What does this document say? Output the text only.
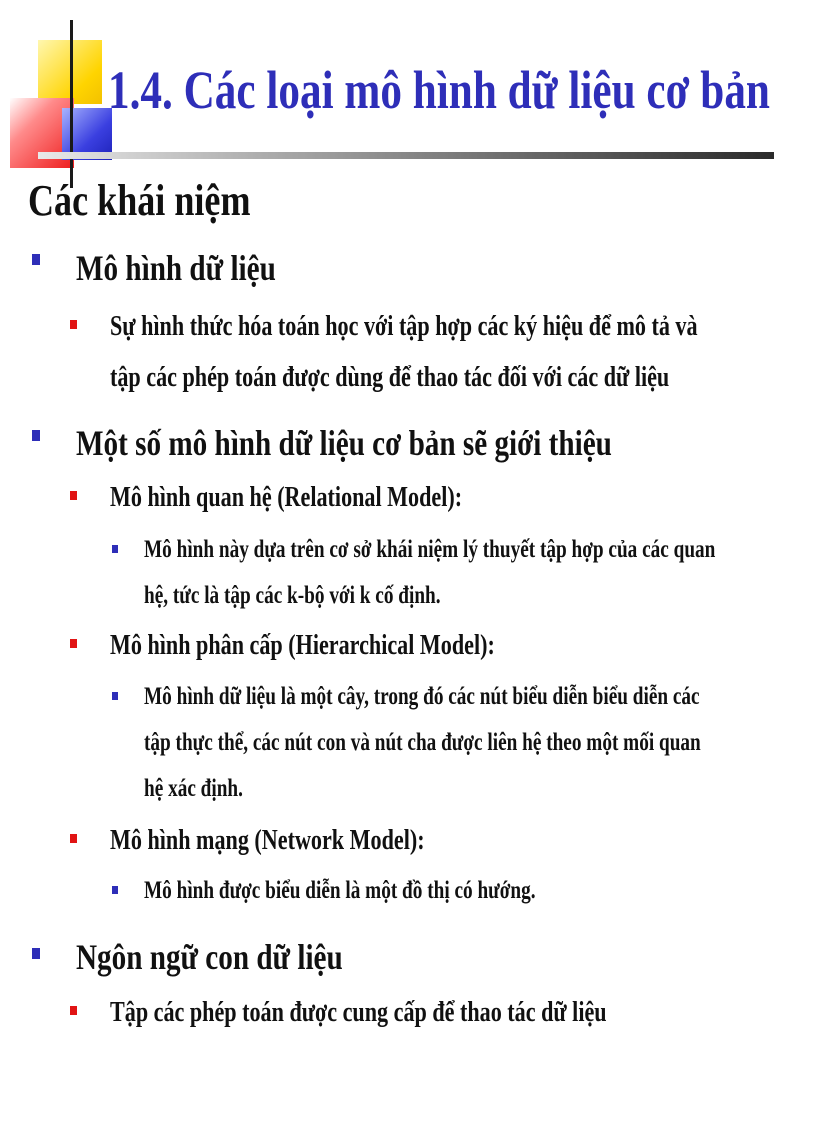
1.4. Các loại mô hình dữ liệu cơ bản
Các khái niệm
Mô hình dữ liệu
Sự hình thức hóa toán học với tập hợp các ký hiệu để mô tả và
tập các phép toán được dùng để thao tác đối với các dữ liệu
Một số mô hình dữ liệu cơ bản sẽ giới thiệu
Mô hình quan hệ (Relational Model):
Mô hình này dựa trên cơ sở khái niệm lý thuyết tập hợp của các quan
hệ, tức là tập các k-bộ với k cố định.
Mô hình phân cấp (Hierarchical Model):
Mô hình dữ liệu là một cây, trong đó các nút biểu diễn biểu diễn các
tập thực thể, các nút con và nút cha được liên hệ theo một mối quan
hệ xác định.
Mô hình mạng (Network Model):
Mô hình được biểu diễn là một đồ thị có hướng.
Ngôn ngữ con dữ liệu
Tập các phép toán được cung cấp để thao tác dữ liệu
